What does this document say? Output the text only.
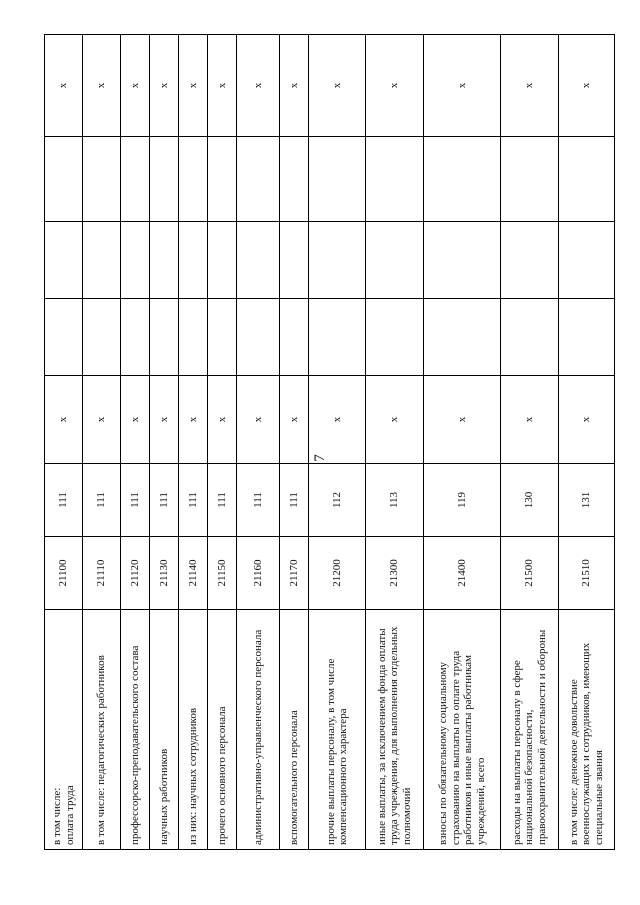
7
в том числе:
оплата труда	21100	111	x				x
в том числе: педагогических работников	21110	111	x				x
профессорско-преподавательского состава	21120	111	x				x
научных работников	21130	111	x				x
из них: научных сотрудников	21140	111	x				x
прочего основного персонала	21150	111	x				x
административно-управленческого персонала	21160	111	x				x
вспомогательного персонала	21170	111	x				x
прочие выплаты персоналу, в том числе компенсационного характера	21200	112	x				x
иные выплаты, за исключением фонда оплаты труда учреждения, для выполнения отдельных полномочий	21300	113	x				x
взносы по обязательному социальному страхованию на выплаты по оплате труда работников и иные выплаты работникам учреждений, всего	21400	119	x				x
расходы на выплаты персоналу в сфере национальной безопасности, правоохранительной деятельности и обороны	21500	130	x				x
в том числе: денежное довольствие военнослужащих и сотрудников, имеющих специальные звания	21510	131	x				x
